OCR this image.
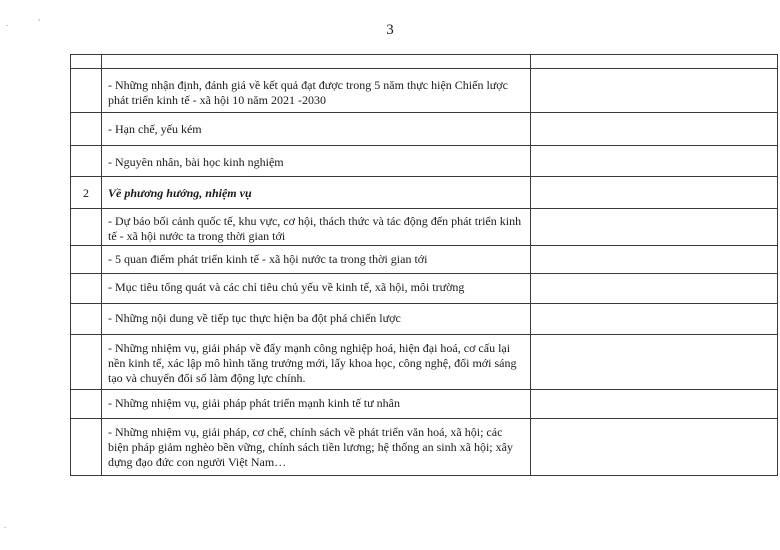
3
,
.
.

	- Những nhận định, đánh giá về kết quả đạt được trong 5 năm thực hiện Chiến lược phát triển kinh tế - xã hội 10 năm 2021 -2030	

	- Hạn chế, yếu kém	

	- Nguyên nhân, bài học kinh nghiệm	

2	Về phương hướng, nhiệm vụ	

	- Dự báo bối cảnh quốc tế, khu vực, cơ hội, thách thức và tác động đến phát triển kinh tế - xã hội nước ta trong thời gian tới	

	- 5 quan điểm phát triển kinh tế - xã hội nước ta trong thời gian tới	

	- Mục tiêu tổng quát và các chỉ tiêu chủ yếu về kinh tế, xã hội, môi trường	

	- Những nội dung về tiếp tục thực hiện ba đột phá chiến lược	

	- Những nhiệm vụ, giải pháp về đẩy mạnh công nghiệp hoá, hiện đại hoá, cơ cấu lại nền kinh tế, xác lập mô hình tăng trưởng mới, lấy khoa học, công nghệ, đổi mới sáng tạo và chuyển đổi số làm động lực chính.	

	- Những nhiệm vụ, giải pháp phát triển mạnh kinh tế tư nhân	

	- Những nhiệm vụ, giải pháp, cơ chế, chính sách về phát triển văn hoá, xã hội; các biện pháp giảm nghèo bền vững, chính sách tiền lương; hệ thống an sinh xã hội; xây dựng đạo đức con người Việt Nam…	
